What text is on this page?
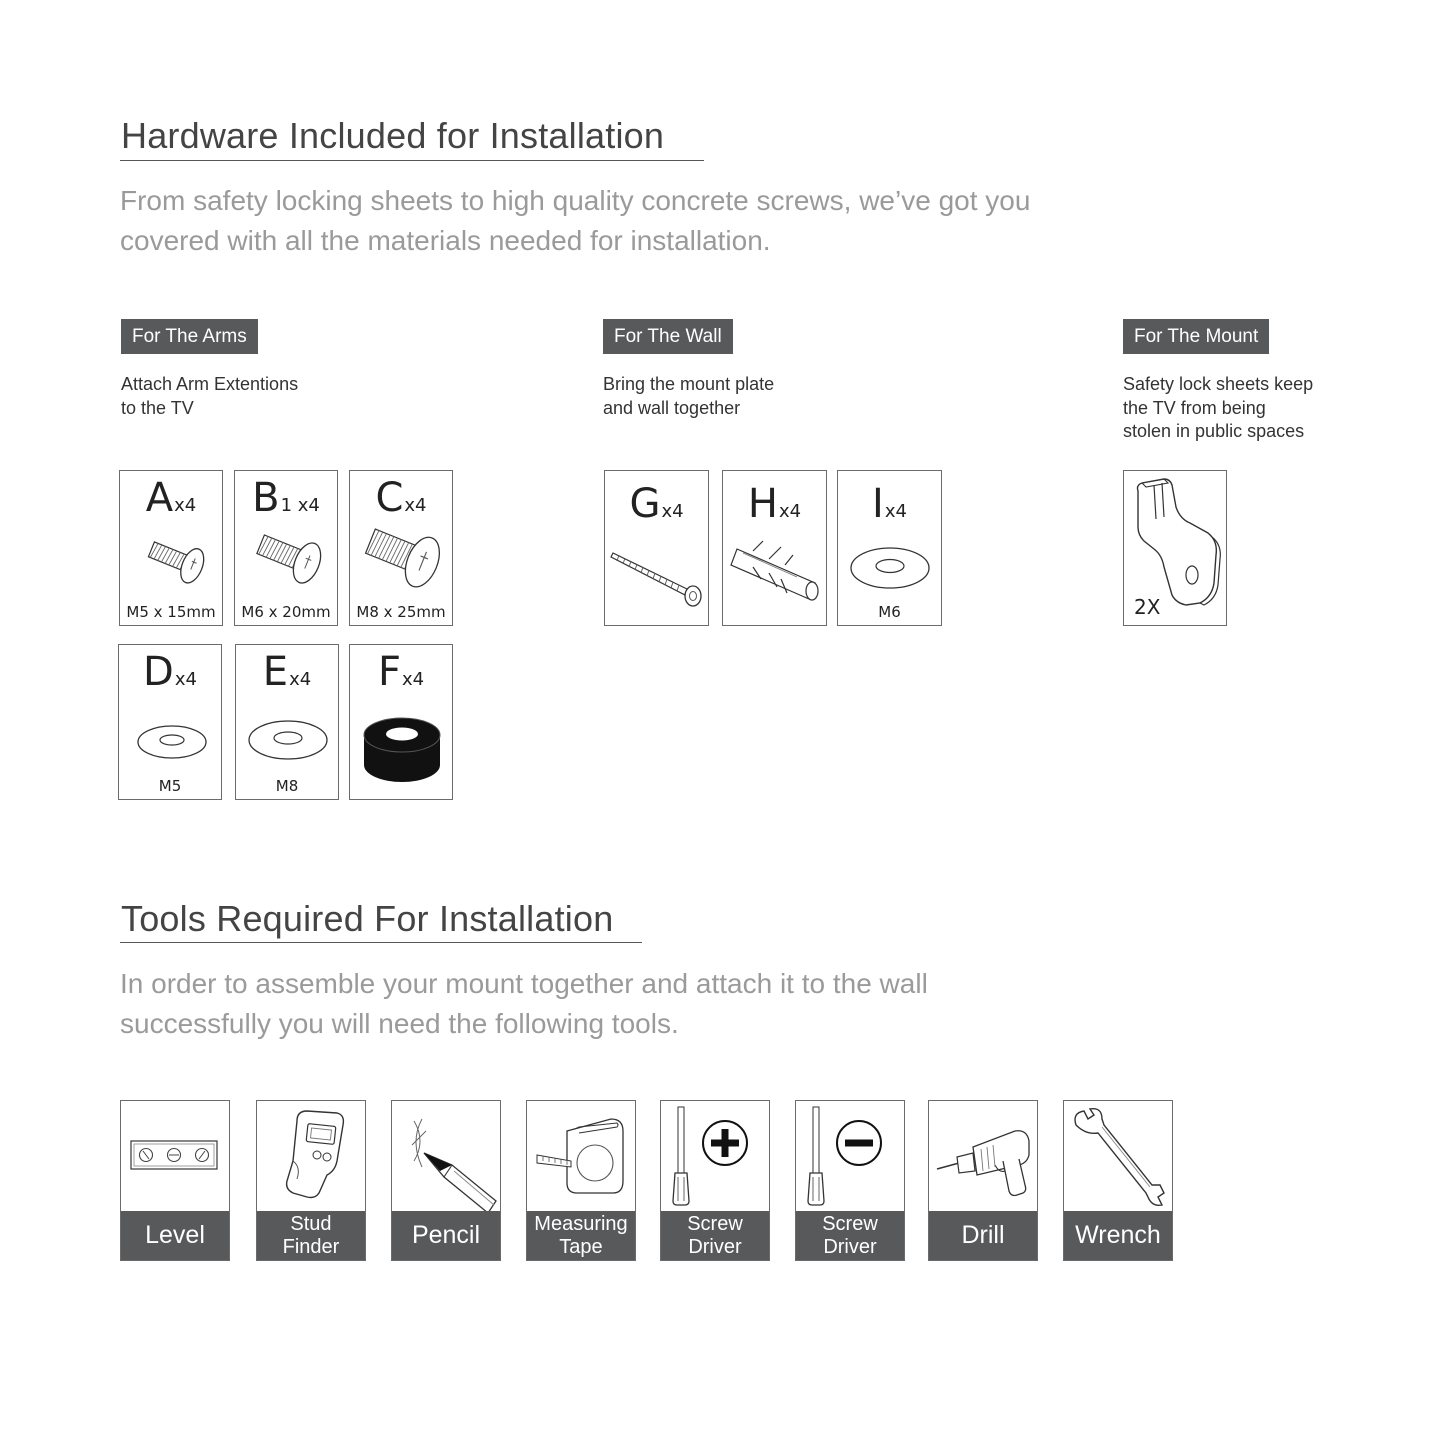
Hardware Included for Installation
From safety locking sheets to high quality concrete screws, we’ve got you
covered with all the materials needed for installation.
For The Arms	For The Wall	For The Mount
Attach Arm Extentions
to the TV
Bring the mount plate
and wall together
Safety lock sheets keep
the TV from being
stolen in public spaces
Ax4
M5 x 15mm
B1 x4
M6 x 20mm
Cx4
M8 x 25mm
Dx4
M5
Ex4
M8
Fx4
Gx4	Hx4	Ix4
M6	2X
Tools Required For Installation
In order to assemble your mount together and attach it to the wall
successfully you will need the following tools.
Level	Stud
Finder	Pencil	Measuring
Tape
Screw
Driver
Screw
Driver	Drill	Wrench
